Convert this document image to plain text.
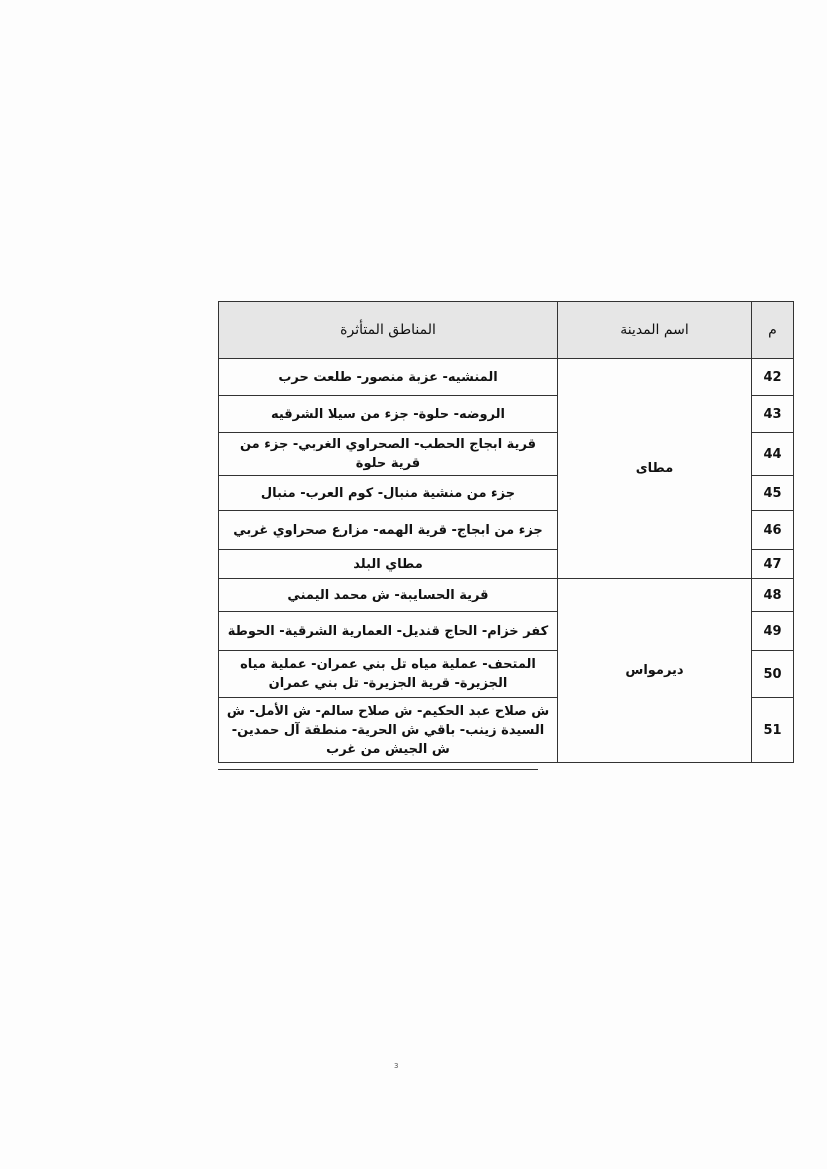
م	اسم المدينة	المناطق المتأثرة
42	مطاى	المنشيه- عزبة منصور- طلعت حرب
43		الروضه- حلوة- جزء من سيلا الشرقيه
44		قرية ابجاج الحطب- الصحراوي الغربي- جزء من قرية حلوة
45		جزء من منشية منبال- كوم العرب- منبال
46		جزء من ابجاج- قرية الهمه- مزارع صحراوي غربي
47		مطاي البلد
48	ديرمواس	قرية الحسايبة- ش محمد اليمني
49		كفر خزام- الحاج قنديل- العمارية الشرقية- الحوطة
50		المتحف- عملية مياه تل بني عمران- عملية مياه الجزيرة- قرية الجزيرة- تل بني عمران
51		ش صلاح عبد الحكيم- ش صلاح سالم- ش الأمل- ش السيدة زينب- باقي ش الحرية- منطقة آل حمدين- ش الجيش من غرب
3
